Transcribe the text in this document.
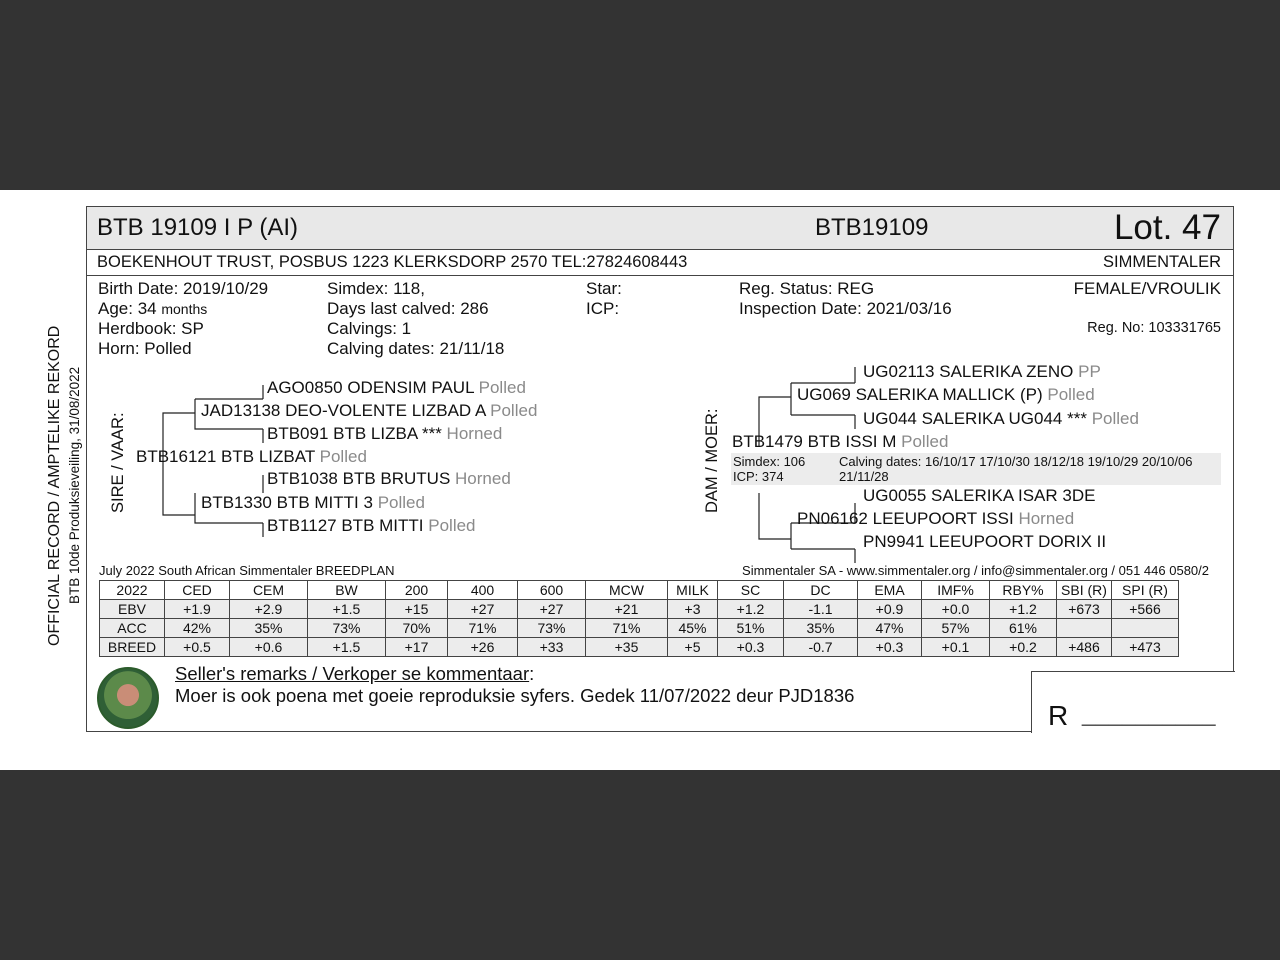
OFFICIAL RECORD / AMPTELIKE REKORD BTB 10de Produksieveiling, 31/08/2022
BTB 19109 I P (AI)	BTB19109	Lot. 47
BOEKENHOUT TRUST, POSBUS 1223 KLERKSDORP 2570 TEL:27824608443	SIMMENTALER
Birth Date: 2019/10/29
Age: 34 months
Herdbook: SP
Horn: Polled
Simdex: 118,
Days last calved: 286
Calvings: 1
Calving dates: 21/11/18
Star:
ICP:
Reg. Status: REG
Inspection Date: 2021/03/16
FEMALE/VROULIK
Reg. No: 103331765
SIRE / VAAR:
AGO0850 ODENSIM PAUL Polled
JAD13138 DEO-VOLENTE LIZBAD A Polled
BTB091 BTB LIZBA *** Horned
BTB16121 BTB LIZBAT Polled
BTB1038 BTB BRUTUS Horned
BTB1330 BTB MITTI 3 Polled
BTB1127 BTB MITTI Polled
DAM / MOER:
UG02113 SALERIKA ZENO PP
UG069 SALERIKA MALLICK (P) Polled
UG044 SALERIKA UG044 *** Polled
BTB1479 BTB ISSI M Polled
Simdex: 106
ICP: 374
Calving dates: 16/10/17 17/10/30 18/12/18 19/10/29 20/10/06
21/11/28
UG0055 SALERIKA ISAR 3DE
PN06162 LEEUPOORT ISSI Horned
PN9941 LEEUPOORT DORIX II
July 2022 South African Simmentaler BREEDPLAN	Simmentaler SA - www.simmentaler.org / info@simmentaler.org / 051 446 0580/2
2022	CED	CEM	BW	200	400	600	MCW	MILK	SC	DC	EMA	IMF%	RBY%	SBI (R)	SPI (R)
EBV	+1.9	+2.9	+1.5	+15	+27	+27	+21	+3	+1.2	-1.1	+0.9	+0.0	+1.2	+673	+566
ACC	42%	35%	73%	70%	71%	73%	71%	45%	51%	35%	47%	57%	61%		
BREED	+0.5	+0.6	+1.5	+17	+26	+33	+35	+5	+0.3	-0.7	+0.3	+0.1	+0.2	+486	+473
Seller's remarks / Verkoper se kommentaar:
Moer is ook poena met goeie reproduksie syfers. Gedek 11/07/2022 deur PJD1836
R __________
